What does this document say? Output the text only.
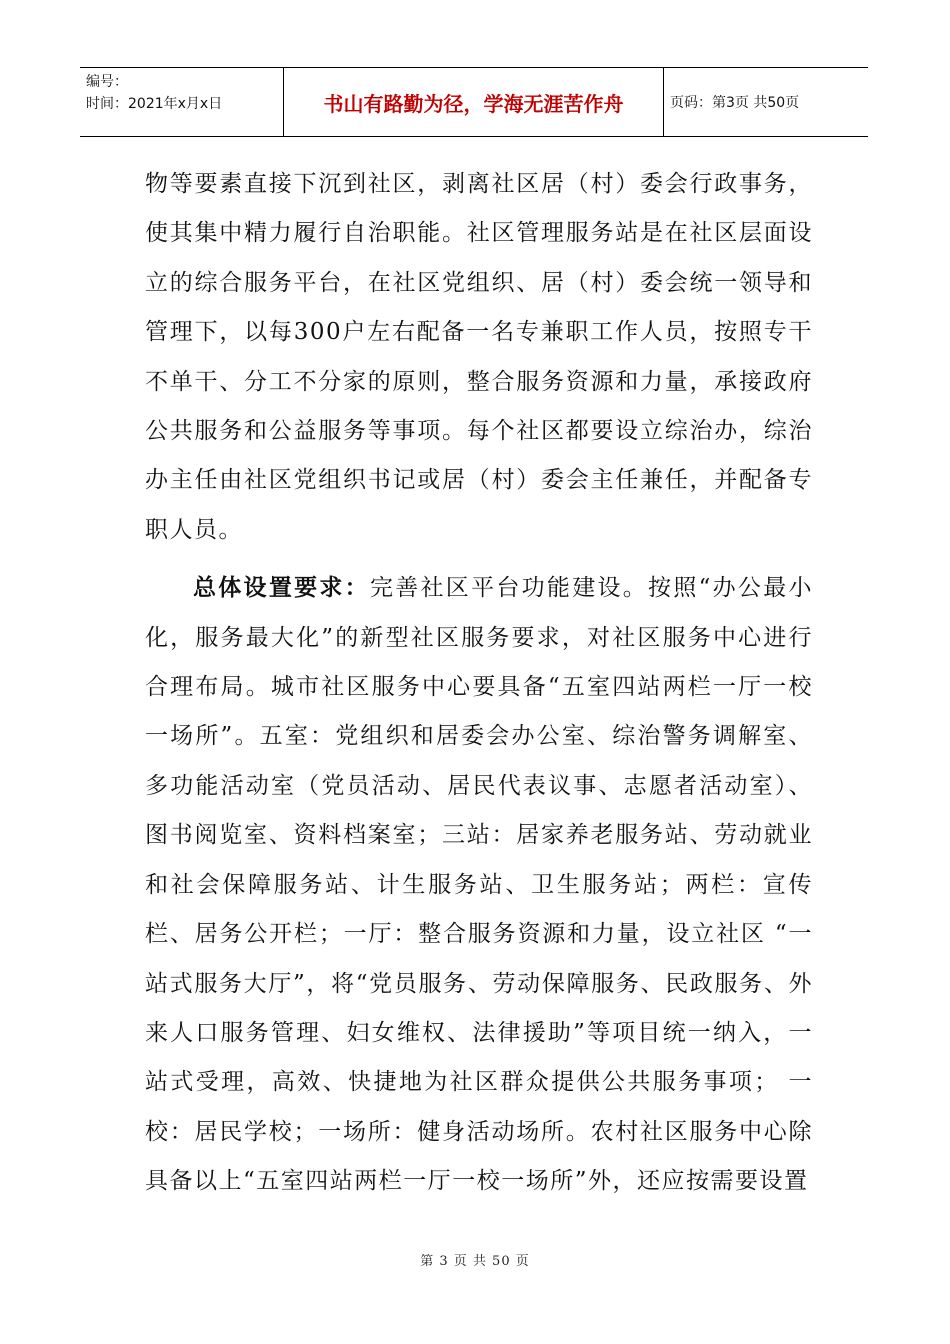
编号：
时间：2021年x月x日	书山有路勤为径，学海无涯苦作舟	页码：第3页 共50页

物等要素直接下沉到社区，剥离社区居（村）委会行政事务，使其集中精力履行自治职能。社区管理服务站是在社区层面设立的综合服务平台，在社区党组织、居（村）委会统一领导和管理下，以每300户左右配备一名专兼职工作人员，按照专干不单干、分工不分家的原则，整合服务资源和力量，承接政府公共服务和公益服务等事项。每个社区都要设立综治办，综治办主任由社区党组织书记或居（村）委会主任兼任，并配备专职人员。

总体设置要求：完善社区平台功能建设。按照“办公最小化，服务最大化”的新型社区服务要求，对社区服务中心进行合理布局。城市社区服务中心要具备“五室四站两栏一厅一校一场所”。五室：党组织和居委会办公室、综治警务调解室、多功能活动室（党员活动、居民代表议事、志愿者活动室）、图书阅览室、资料档案室；三站：居家养老服务站、劳动就业和社会保障服务站、计生服务站、卫生服务站；两栏：宣传栏、居务公开栏；一厅：整合服务资源和力量，设立社区 “一站式服务大厅”，将“党员服务、劳动保障服务、民政服务、外来人口服务管理、妇女维权、法律援助”等项目统一纳入，一站式受理，高效、快捷地为社区群众提供公共服务事项； 一校：居民学校；一场所：健身活动场所。农村社区服务中心除具备以上“五室四站两栏一厅一校一场所”外，还应按需要设置

第 3 页 共 50 页
